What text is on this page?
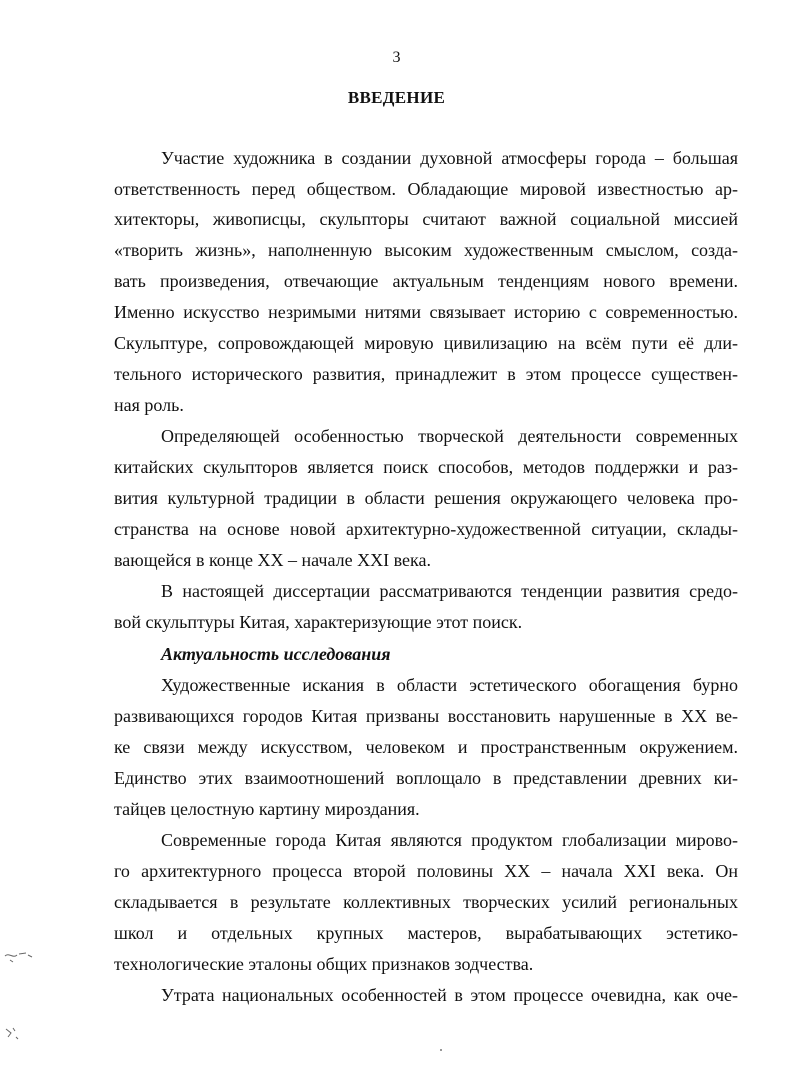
3
ВВЕДЕНИЕ
Участие художника в создании духовной атмосферы города – большая
ответственность перед обществом. Обладающие мировой известностью ар-
хитекторы, живописцы, скульпторы считают важной социальной миссией
«творить жизнь», наполненную высоким художественным смыслом, созда-
вать произведения, отвечающие актуальным тенденциям нового времени.
Именно искусство незримыми нитями связывает историю с современностью.
Скульптуре, сопровождающей мировую цивилизацию на всём пути её дли-
тельного исторического развития, принадлежит в этом процессе существен-
ная роль.
Определяющей особенностью творческой деятельности современных
китайских скульпторов является поиск способов, методов поддержки и раз-
вития культурной традиции в области решения окружающего человека про-
странства на основе новой архитектурно-художественной ситуации, склады-
вающейся в конце XX – начале XXI века.
В настоящей диссертации рассматриваются тенденции развития средо-
вой скульптуры Китая, характеризующие этот поиск.
Актуальность исследования
Художественные искания в области эстетического обогащения бурно
развивающихся городов Китая призваны восстановить нарушенные в XX ве-
ке связи между искусством, человеком и пространственным окружением.
Единство этих взаимоотношений воплощало в представлении древних ки-
тайцев целостную картину мироздания.
Современные города Китая являются продуктом глобализации мирово-
го архитектурного процесса второй половины XX – начала XXI века. Он
складывается в результате коллективных творческих усилий региональных
школ и отдельных крупных мастеров, вырабатывающих эстетико-
технологические эталоны общих признаков зодчества.
Утрата национальных особенностей в этом процессе очевидна, как оче-
